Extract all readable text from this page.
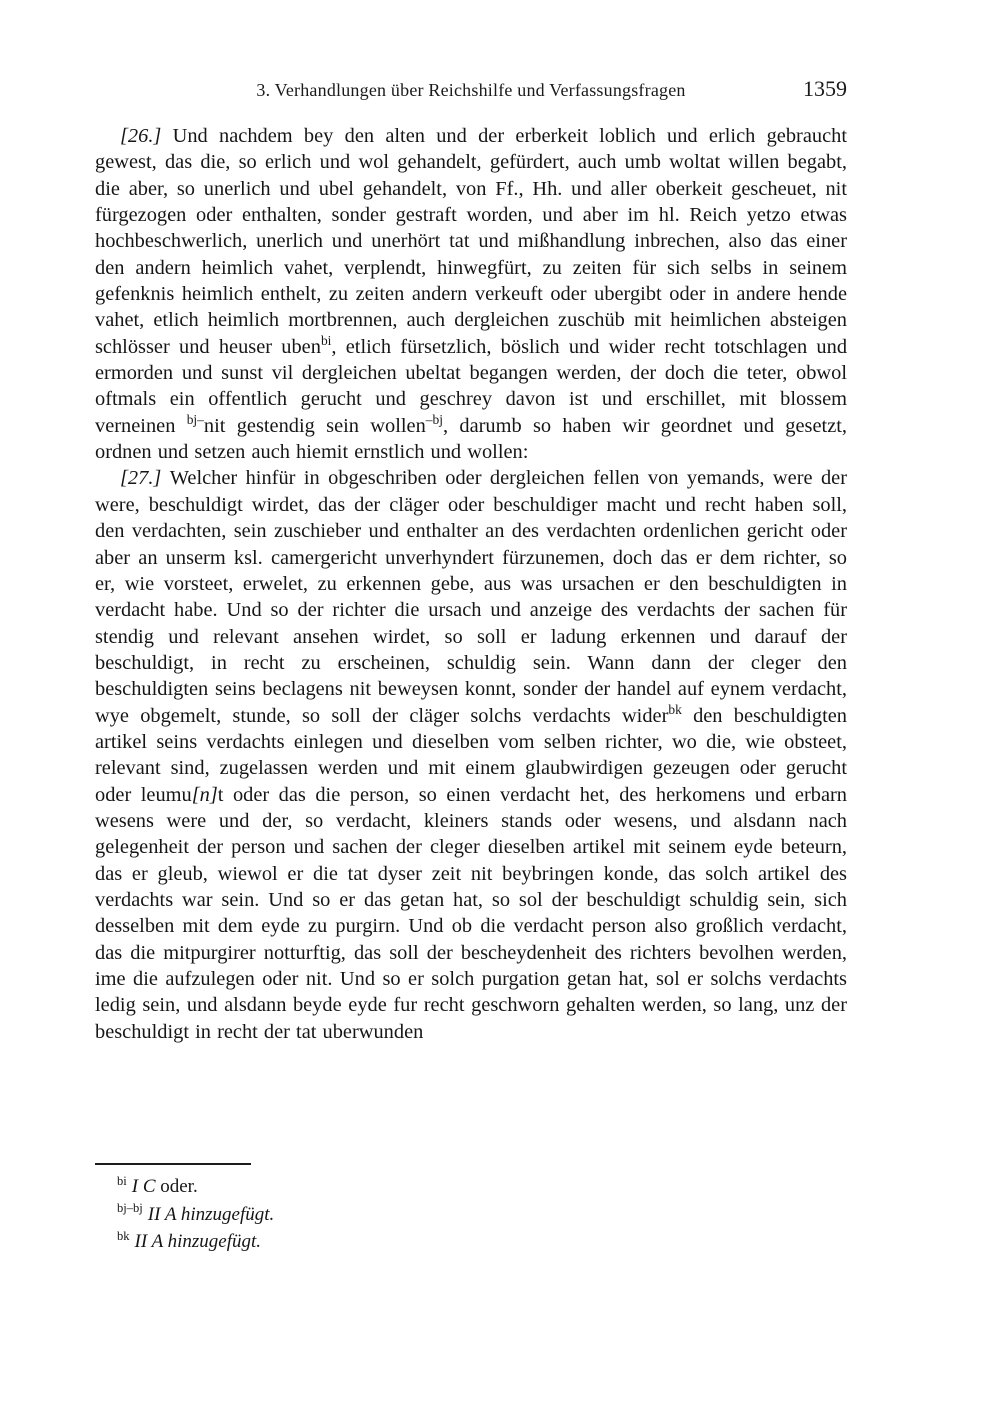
3. Verhandlungen über Reichshilfe und Verfassungsfragen	1359

[26.] Und nachdem bey den alten und der erberkeit loblich und erlich gebraucht gewest, das die, so erlich und wol gehandelt, gefürdert, auch umb woltat willen begabt, die aber, so unerlich und ubel gehandelt, von Ff., Hh. und aller oberkeit gescheuet, nit fürgezogen oder enthalten, sonder gestraft worden, und aber im hl. Reich yetzo etwas hochbeschwerlich, unerlich und unerhört tat und mißhandlung inbrechen, also das einer den andern heimlich vahet, verplendt, hinwegfürt, zu zeiten für sich selbs in seinem gefenknis heimlich enthelt, zu zeiten andern verkeuft oder ubergibt oder in andere hende vahet, etlich heimlich mortbrennen, auch dergleichen zuschüb mit heimlichen absteigen schlösser und heuser uben$^{bi}$, etlich fürsetzlich, böslich und wider recht totschlagen und ermorden und sunst vil dergleichen ubeltat begangen werden, der doch die teter, obwol oftmals ein offentlich gerucht und geschrey davon ist und erschillet, mit blossem verneinen $^{bj-}$nit gestendig sein wollen$^{-bj}$, darumb so haben wir geordnet und gesetzt, ordnen und setzen auch hiemit ernstlich und wollen:

[27.] Welcher hinfür in obgeschriben oder dergleichen fellen von yemands, were der were, beschuldigt wirdet, das der cläger oder beschuldiger macht und recht haben soll, den verdachten, sein zuschieber und enthalter an des verdachten ordenlichen gericht oder aber an unserm ksl. camergericht unverhyndert fürzunemen, doch das er dem richter, so er, wie vorsteet, erwelet, zu erkennen gebe, aus was ursachen er den beschuldigten in verdacht habe. Und so der richter die ursach und anzeige des verdachts der sachen für stendig und relevant ansehen wirdet, so soll er ladung erkennen und darauf der beschuldigt, in recht zu erscheinen, schuldig sein. Wann dann der cleger den beschuldigten seins beclagens nit beweysen konnt, sonder der handel auf eynem verdacht, wye obgemelt, stunde, so soll der cläger solchs verdachts wider$^{bk}$ den beschuldigten artikel seins verdachts einlegen und dieselben vom selben richter, wo die, wie obsteet, relevant sind, zugelassen werden und mit einem glaubwirdigen gezeugen oder gerucht oder leumu[n]t oder das die person, so einen verdacht het, des herkomens und erbarn wesens were und der, so verdacht, kleiners stands oder wesens, und alsdann nach gelegenheit der person und sachen der cleger dieselben artikel mit seinem eyde beteurn, das er gleub, wiewol er die tat dyser zeit nit beybringen konde, das solch artikel des verdachts war sein. Und so er das getan hat, so sol der beschuldigt schuldig sein, sich desselben mit dem eyde zu purgirn. Und ob die verdacht person also großlich verdacht, das die mitpurgirer notturftig, das soll der bescheydenheit des richters bevolhen werden, ime die aufzulegen oder nit. Und so er solch purgation getan hat, sol er solchs verdachts ledig sein, und alsdann beyde eyde fur recht geschworn gehalten werden, so lang, unz der beschuldigt in recht der tat uberwunden

$^{bi}$ I C oder.

$^{bj-bj}$ II A hinzugefügt.

$^{bk}$ II A hinzugefügt.
